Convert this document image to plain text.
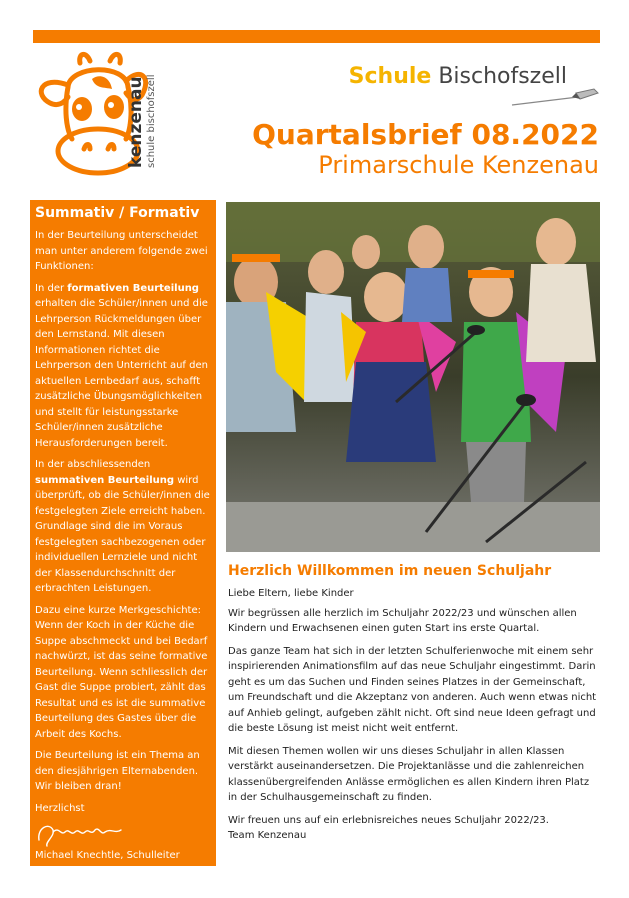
kenzenau schule bischofszell	Schule Bischofszell
Quartalsbrief 08.2022
Primarschule Kenzenau
Summativ / Formativ

In der Beurteilung unterscheidet man unter anderem folgende zwei Funktionen:

In der formativen Beurteilung erhalten die Schüler/innen und die Lehrperson Rückmeldungen über den Lernstand. Mit diesen Informationen richtet die Lehrperson den Unterricht auf den aktuellen Lernbedarf aus, schafft zusätzliche Übungsmöglichkeiten und stellt für leistungsstarke Schüler/innen zusätzliche Herausforderungen bereit.

In der abschliessenden summativen Beurteilung wird überprüft, ob die Schüler/innen die festgelegten Ziele erreicht haben. Grundlage sind die im Voraus festgelegten sachbezogenen oder individuellen Lernziele und nicht der Klassendurchschnitt der erbrachten Leistungen.

Dazu eine kurze Merkgeschichte: Wenn der Koch in der Küche die Suppe abschmeckt und bei Bedarf nachwürzt, ist das seine formative Beurteilung. Wenn schliesslich der Gast die Suppe probiert, zählt das Resultat und es ist die summative Beurteilung des Gastes über die Arbeit des Kochs.

Die Beurteilung ist ein Thema an den diesjährigen Elternabenden. Wir bleiben dran!

Herzlichst

Michael Knechtle, Schulleiter

Herzlich Willkommen im neuen Schuljahr

Liebe Eltern, liebe Kinder

Wir begrüssen alle herzlich im Schuljahr 2022/23 und wünschen allen Kindern und Erwachsenen einen guten Start ins erste Quartal.

Das ganze Team hat sich in der letzten Schulferienwoche mit einem sehr inspirierenden Animationsfilm auf das neue Schuljahr eingestimmt. Darin geht es um das Suchen und Finden seines Platzes in der Gemeinschaft, um Freundschaft und die Akzeptanz von anderen. Auch wenn etwas nicht auf Anhieb gelingt, aufgeben zählt nicht. Oft sind neue Ideen gefragt und die beste Lösung ist meist nicht weit entfernt.

Mit diesen Themen wollen wir uns dieses Schuljahr in allen Klassen verstärkt auseinandersetzen. Die Projektanlässe und die zahlenreichen klassenübergreifenden Anlässe ermöglichen es allen Kindern ihren Platz in der Schulhausgemeinschaft zu finden.

Wir freuen uns auf ein erlebnisreiches neues Schuljahr 2022/23.

Team Kenzenau
